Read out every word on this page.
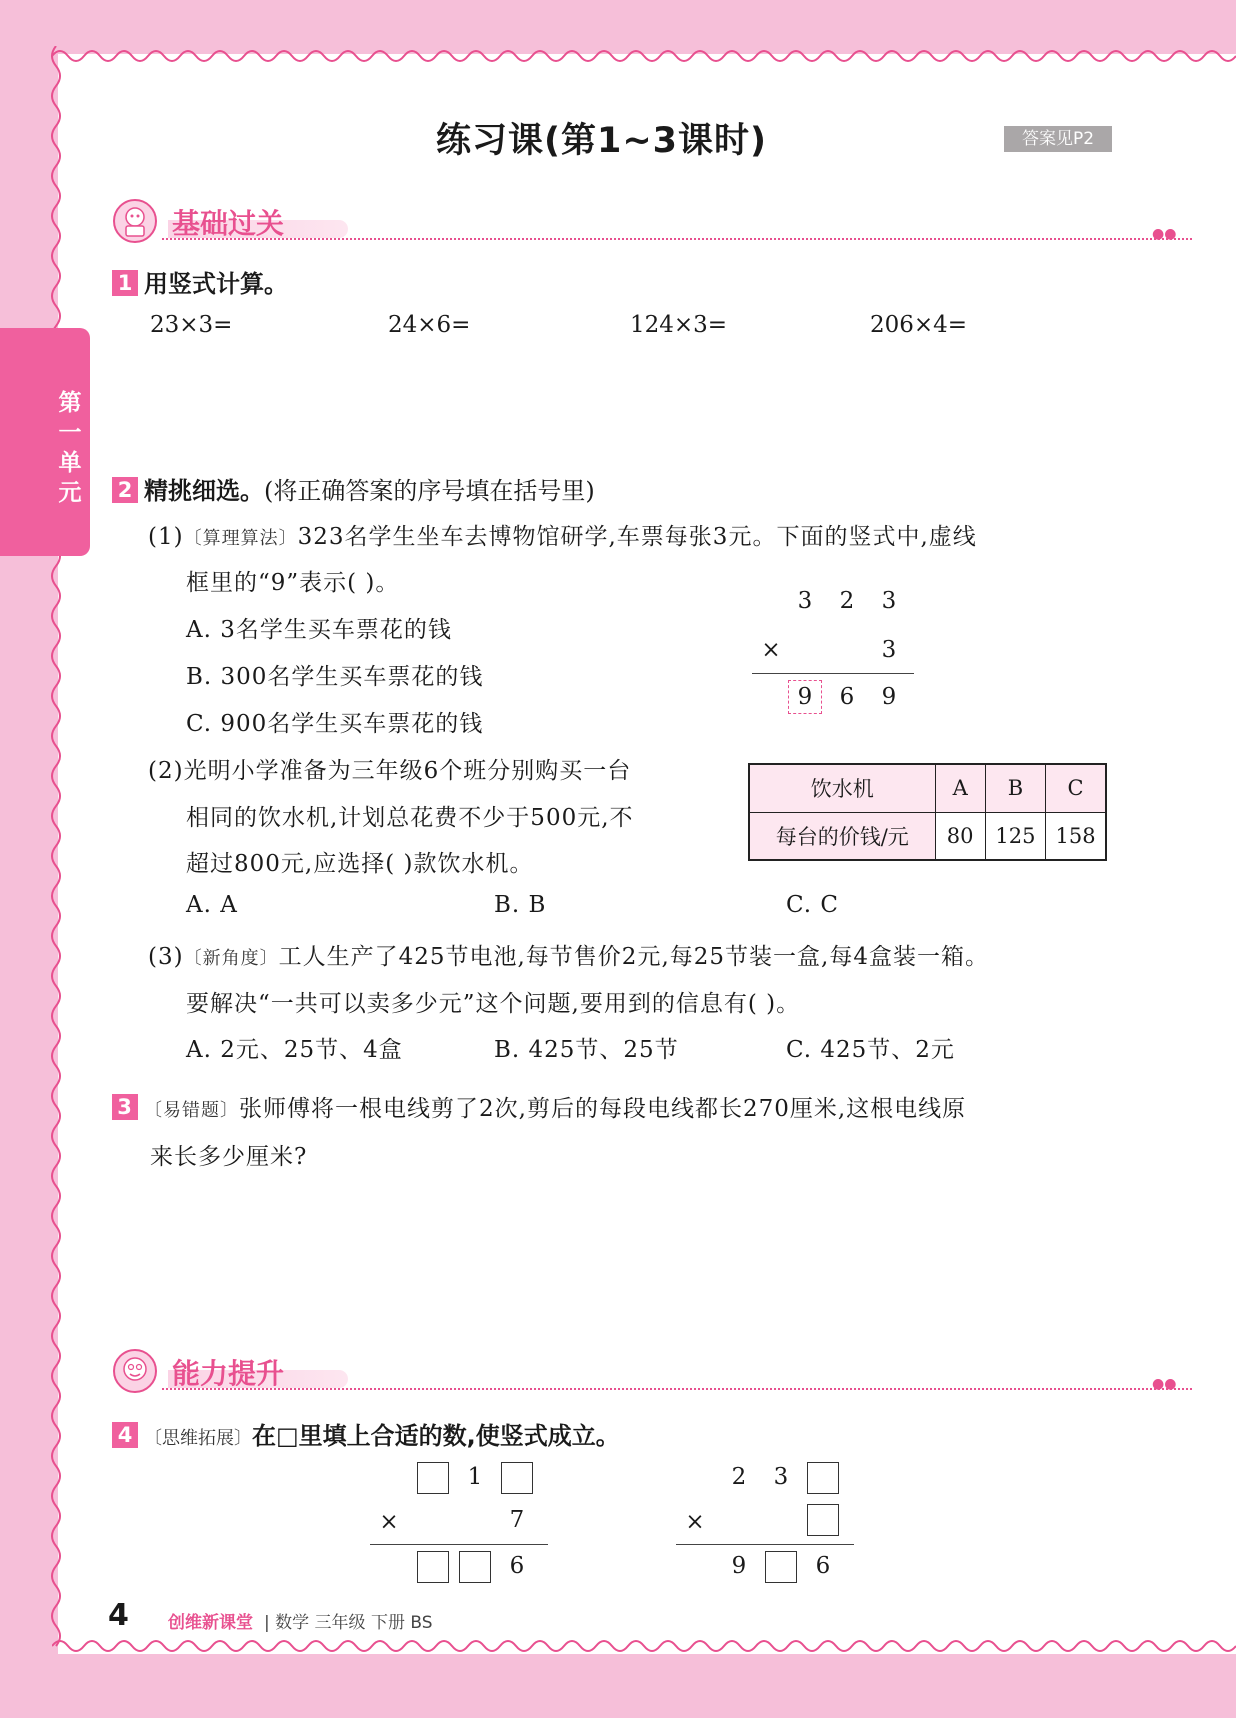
第
一
单
元
练习课(第1~3课时)	答案见P2
基础过关	●●
1 用竖式计算。
23×3=	24×6=	124×3=	206×4=
2 精挑细选。(将正确答案的序号填在括号里)
(1)〔算理算法〕323名学生坐车去博物馆研学,车票每张3元。下面的竖式中,虚线
框里的“9”表示( )。
A. 3名学生买车票花的钱
B. 300名学生买车票花的钱
C. 900名学生买车票花的钱
3 2 3
×	3
9 6 9
(2)光明小学准备为三年级6个班分别购买一台
相同的饮水机,计划总花费不少于500元,不
超过800元,应选择( )款饮水机。
A. A	B. B	C. C
饮水机	A	B	C
每台的价钱/元	80	125	158
(3)〔新角度〕工人生产了425节电池,每节售价2元,每25节装一盒,每4盒装一箱。
要解决“一共可以卖多少元”这个问题,要用到的信息有( )。
A. 2元、25节、4盒	B. 425节、25节	C. 425节、2元
3 〔易错题〕张师傅将一根电线剪了2次,剪后的每段电线都长270厘米,这根电线原
来长多少厘米?
能力提升	●●
4 〔思维拓展〕在□里填上合适的数,使竖式成立。
1
×	7
6
2 3
×
9	6
4 创维新课堂 | 数学 三年级 下册 BS
